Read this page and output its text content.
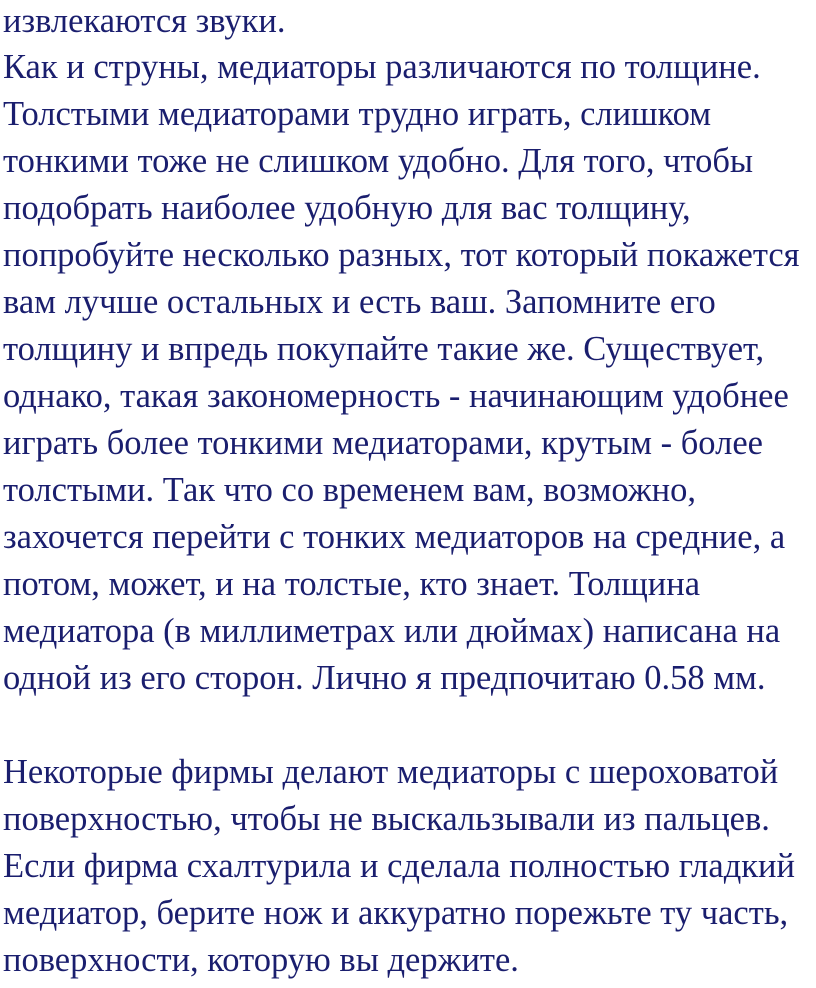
извлекаются звуки.

Как и струны, медиаторы различаются по толщине.

Толстыми медиаторами трудно играть, слишком

тонкими тоже не слишком удобно. Для того, чтобы

подобрать наиболее удобную для вас толщину,

попробуйте несколько разных, тот который покажется

вам лучше остальных и есть ваш. Запомните его

толщину и впредь покупайте такие же. Существует,

однако, такая закономерность - начинающим удобнее

играть более тонкими медиаторами, крутым - более

толстыми. Так что со временем вам, возможно,

захочется перейти с тонких медиаторов на средние, а

потом, может, и на толстые, кто знает. Толщина

медиатора (в миллиметрах или дюймах) написана на

одной из его сторон. Лично я предпочитаю 0.58 мм.

Некоторые фирмы делают медиаторы с шероховатой

поверхностью, чтобы не выскальзывали из пальцев.

Если фирма схалтурила и сделала полностью гладкий

медиатор, берите нож и аккуратно порежьте ту часть,

поверхности, которую вы держите.
